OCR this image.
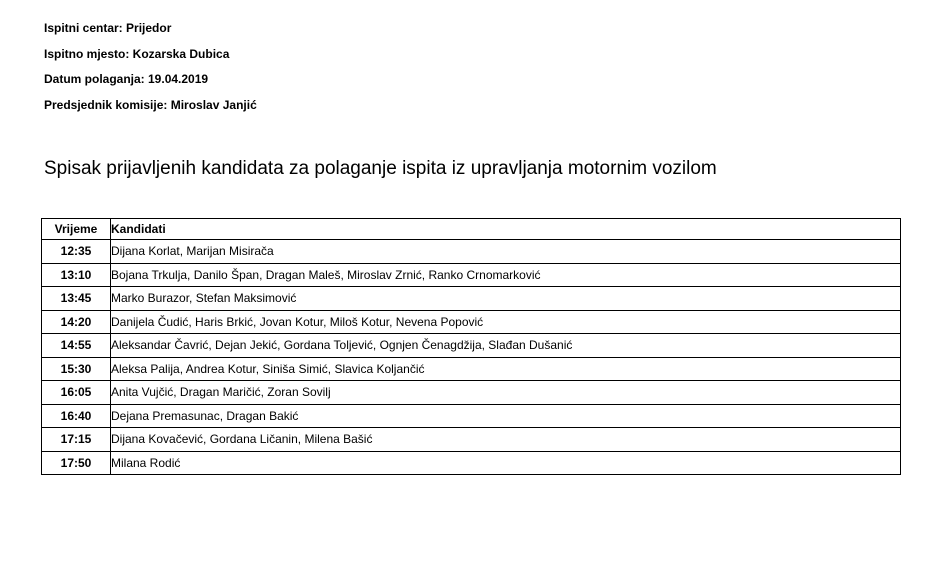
Ispitni centar: Prijedor
Ispitno mjesto: Kozarska Dubica
Datum polaganja: 19.04.2019
Predsjednik komisije: Miroslav Janjić
Spisak prijavljenih kandidata za polaganje ispita iz upravljanja motornim vozilom
Vrijeme	Kandidati
12:35	Dijana Korlat, Marijan Misirača
13:10	Bojana Trkulja, Danilo Špan, Dragan Maleš, Miroslav Zrnić, Ranko Crnomarković
13:45	Marko Burazor, Stefan Maksimović
14:20	Danijela Čudić, Haris Brkić, Jovan Kotur, Miloš Kotur, Nevena Popović
14:55	Aleksandar Čavrić, Dejan Jekić, Gordana Toljević, Ognjen Čenagdžija, Slađan Dušanić
15:30	Aleksa Palija, Andrea Kotur, Siniša Simić, Slavica Koljančić
16:05	Anita Vujčić, Dragan Maričić, Zoran Sovilj
16:40	Dejana Premasunac, Dragan Bakić
17:15	Dijana Kovačević, Gordana Ličanin, Milena Bašić
17:50	Milana Rodić
